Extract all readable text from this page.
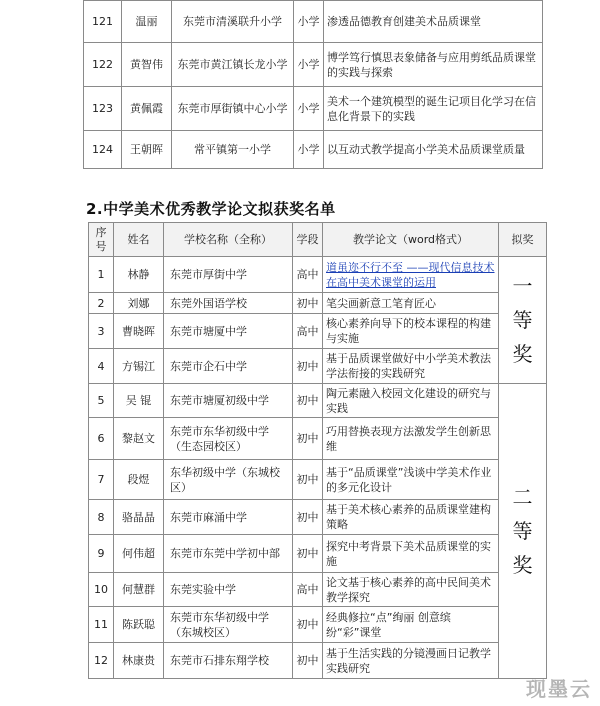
121	温丽	东莞市清溪联升小学	小学	渗透品德教育创建美术品质课堂
122	黄智伟	东莞市黄江镇长龙小学	小学	博学笃行慎思表象储备与应用剪纸品质课堂的实践与探索
123	黄佩霞	东莞市厚街镇中心小学	小学	美术一个建筑模型的诞生记项目化学习在信息化背景下的实践
124	王朝晖	常平镇第一小学	小学	以互动式教学提高小学美术品质课堂质量
2.中学美术优秀教学论文拟获奖名单
序号	姓名	学校名称（全称）	学段	教学论文（word格式）	拟奖
1	林静	东莞市厚街中学	高中	道虽迩不行不至 ——现代信息技术在高中美术课堂的运用	一等奖
2	刘娜	东莞外国语学校	初中	笔尖画新意工笔育匠心	
3	曹晓晖	东莞市塘厦中学	高中	核心素养向导下的校本课程的构建与实施	
4	方锡江	东莞市企石中学	初中	基于品质课堂做好中小学美术教法学法衔接的实践研究	
5	吴 锟	东莞市塘厦初级中学	初中	陶元素融入校园文化建设的研究与实践	二等奖
6	黎赵文	东莞市东华初级中学（生态园校区）	初中	巧用替换表现方法激发学生创新思维	
7	段煜	东华初级中学（东城校区）	初中	基于“品质课堂”浅谈中学美术作业的多元化设计	
8	骆晶晶	东莞市麻涌中学	初中	基于美术核心素养的品质课堂建构策略	
9	何伟超	东莞市东莞中学初中部	初中	探究中考背景下美术品质课堂的实施	
10	何慧群	东莞实验中学	高中	论文基于核心素养的高中民间美术教学探究	
11	陈跃聪	东莞市东华初级中学（东城校区）	初中	经典修拉“点”绚丽 创意缤纷“彩”课堂	
12	林康贵	东莞市石排东翔学校	初中	基于生活实践的分镜漫画日记教学实践研究	
现墨云
